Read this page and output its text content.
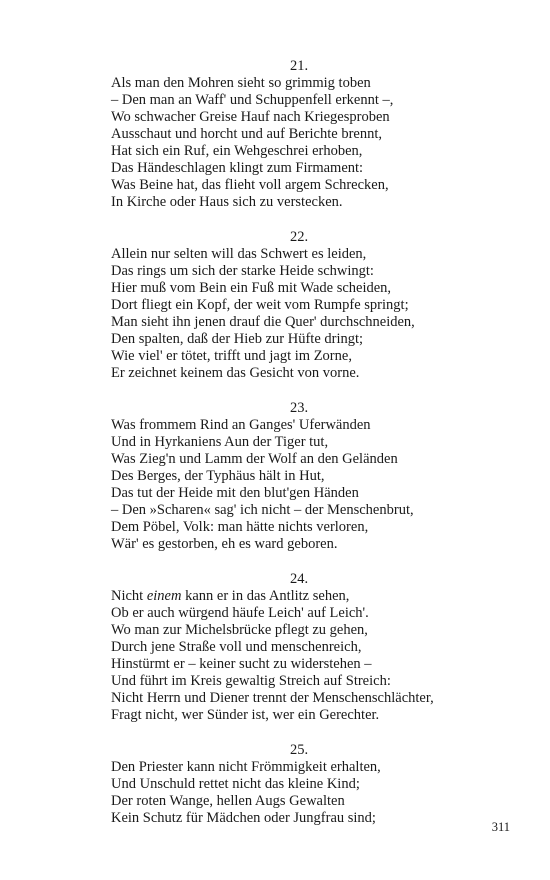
21.
Als man den Mohren sieht so grimmig toben
– Den man an Waff' und Schuppenfell erkennt –,
Wo schwacher Greise Hauf nach Kriegesproben
Ausschaut und horcht und auf Berichte brennt,
Hat sich ein Ruf, ein Wehgeschrei erhoben,
Das Händeschlagen klingt zum Firmament:
Was Beine hat, das flieht voll argem Schrecken,
In Kirche oder Haus sich zu verstecken.
22.
Allein nur selten will das Schwert es leiden,
Das rings um sich der starke Heide schwingt:
Hier muß vom Bein ein Fuß mit Wade scheiden,
Dort fliegt ein Kopf, der weit vom Rumpfe springt;
Man sieht ihn jenen drauf die Quer' durchschneiden,
Den spalten, daß der Hieb zur Hüfte dringt;
Wie viel' er tötet, trifft und jagt im Zorne,
Er zeichnet keinem das Gesicht von vorne.
23.
Was frommem Rind an Ganges' Uferwänden
Und in Hyrkaniens Aun der Tiger tut,
Was Zieg'n und Lamm der Wolf an den Geländen
Des Berges, der Typhäus hält in Hut,
Das tut der Heide mit den blut'gen Händen
– Den »Scharen« sag' ich nicht – der Menschenbrut,
Dem Pöbel, Volk: man hätte nichts verloren,
Wär' es gestorben, eh es ward geboren.
24.
Nicht einem kann er in das Antlitz sehen,
Ob er auch würgend häufe Leich' auf Leich'.
Wo man zur Michelsbrücke pflegt zu gehen,
Durch jene Straße voll und menschenreich,
Hinstürmt er – keiner sucht zu widerstehen –
Und führt im Kreis gewaltig Streich auf Streich:
Nicht Herrn und Diener trennt der Menschenschlächter,
Fragt nicht, wer Sünder ist, wer ein Gerechter.
25.
Den Priester kann nicht Frömmigkeit erhalten,
Und Unschuld rettet nicht das kleine Kind;
Der roten Wange, hellen Augs Gewalten
Kein Schutz für Mädchen oder Jungfrau sind;
311
